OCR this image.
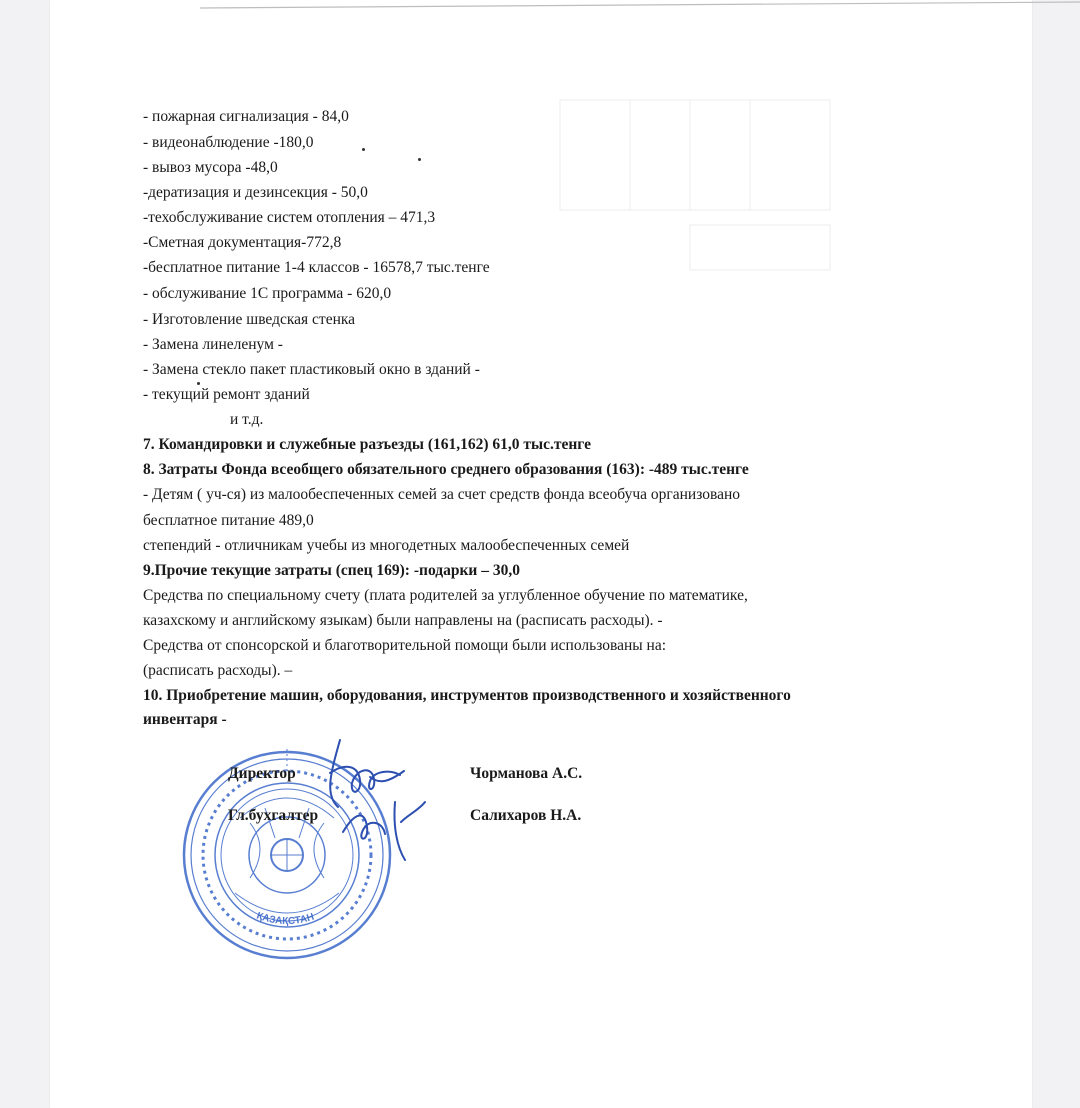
- пожарная сигнализация - 84,0
- видеонаблюдение -180,0
- вывоз мусора -48,0
-дератизация и дезинсекция - 50,0
-техобслуживание систем отопления – 471,3
-Сметная документация-772,8
-бесплатное питание 1-4 классов - 16578,7 тыс.тенге
- обслуживание 1С программа - 620,0
- Изготовление шведская стенка
- Замена линеленум -
- Замена стекло пакет пластиковый окно в зданий -
- текущий ремонт зданий
и т.д.
7. Командировки и служебные разъезды (161,162) 61,0 тыс.тенге
8. Затраты Фонда всеобщего обязательного среднего образования (163): -489 тыс.тенге
- Детям ( уч-ся) из малообеспеченных семей за счет средств фонда всеобуча организовано
бесплатное питание 489,0
степендий - отличникам учебы из многодетных малообеспеченных семей
9.Прочие текущие затраты (спец 169): -подарки – 30,0
Средства по специальному счету (плата родителей за углубленное обучение по математике,
казахскому и английскому языкам) были направлены на (расписать расходы). -
Средства от спонсорской и благотворительной помощи были использованы на:
(расписать расходы). –
10. Приобретение машин, оборудования, инструментов производственного и хозяйственного
инвентаря -
ҚАЗАҚСТАН
Директор	Чорманова А.С.
Гл.бухгалтер	Салихаров Н.А.
